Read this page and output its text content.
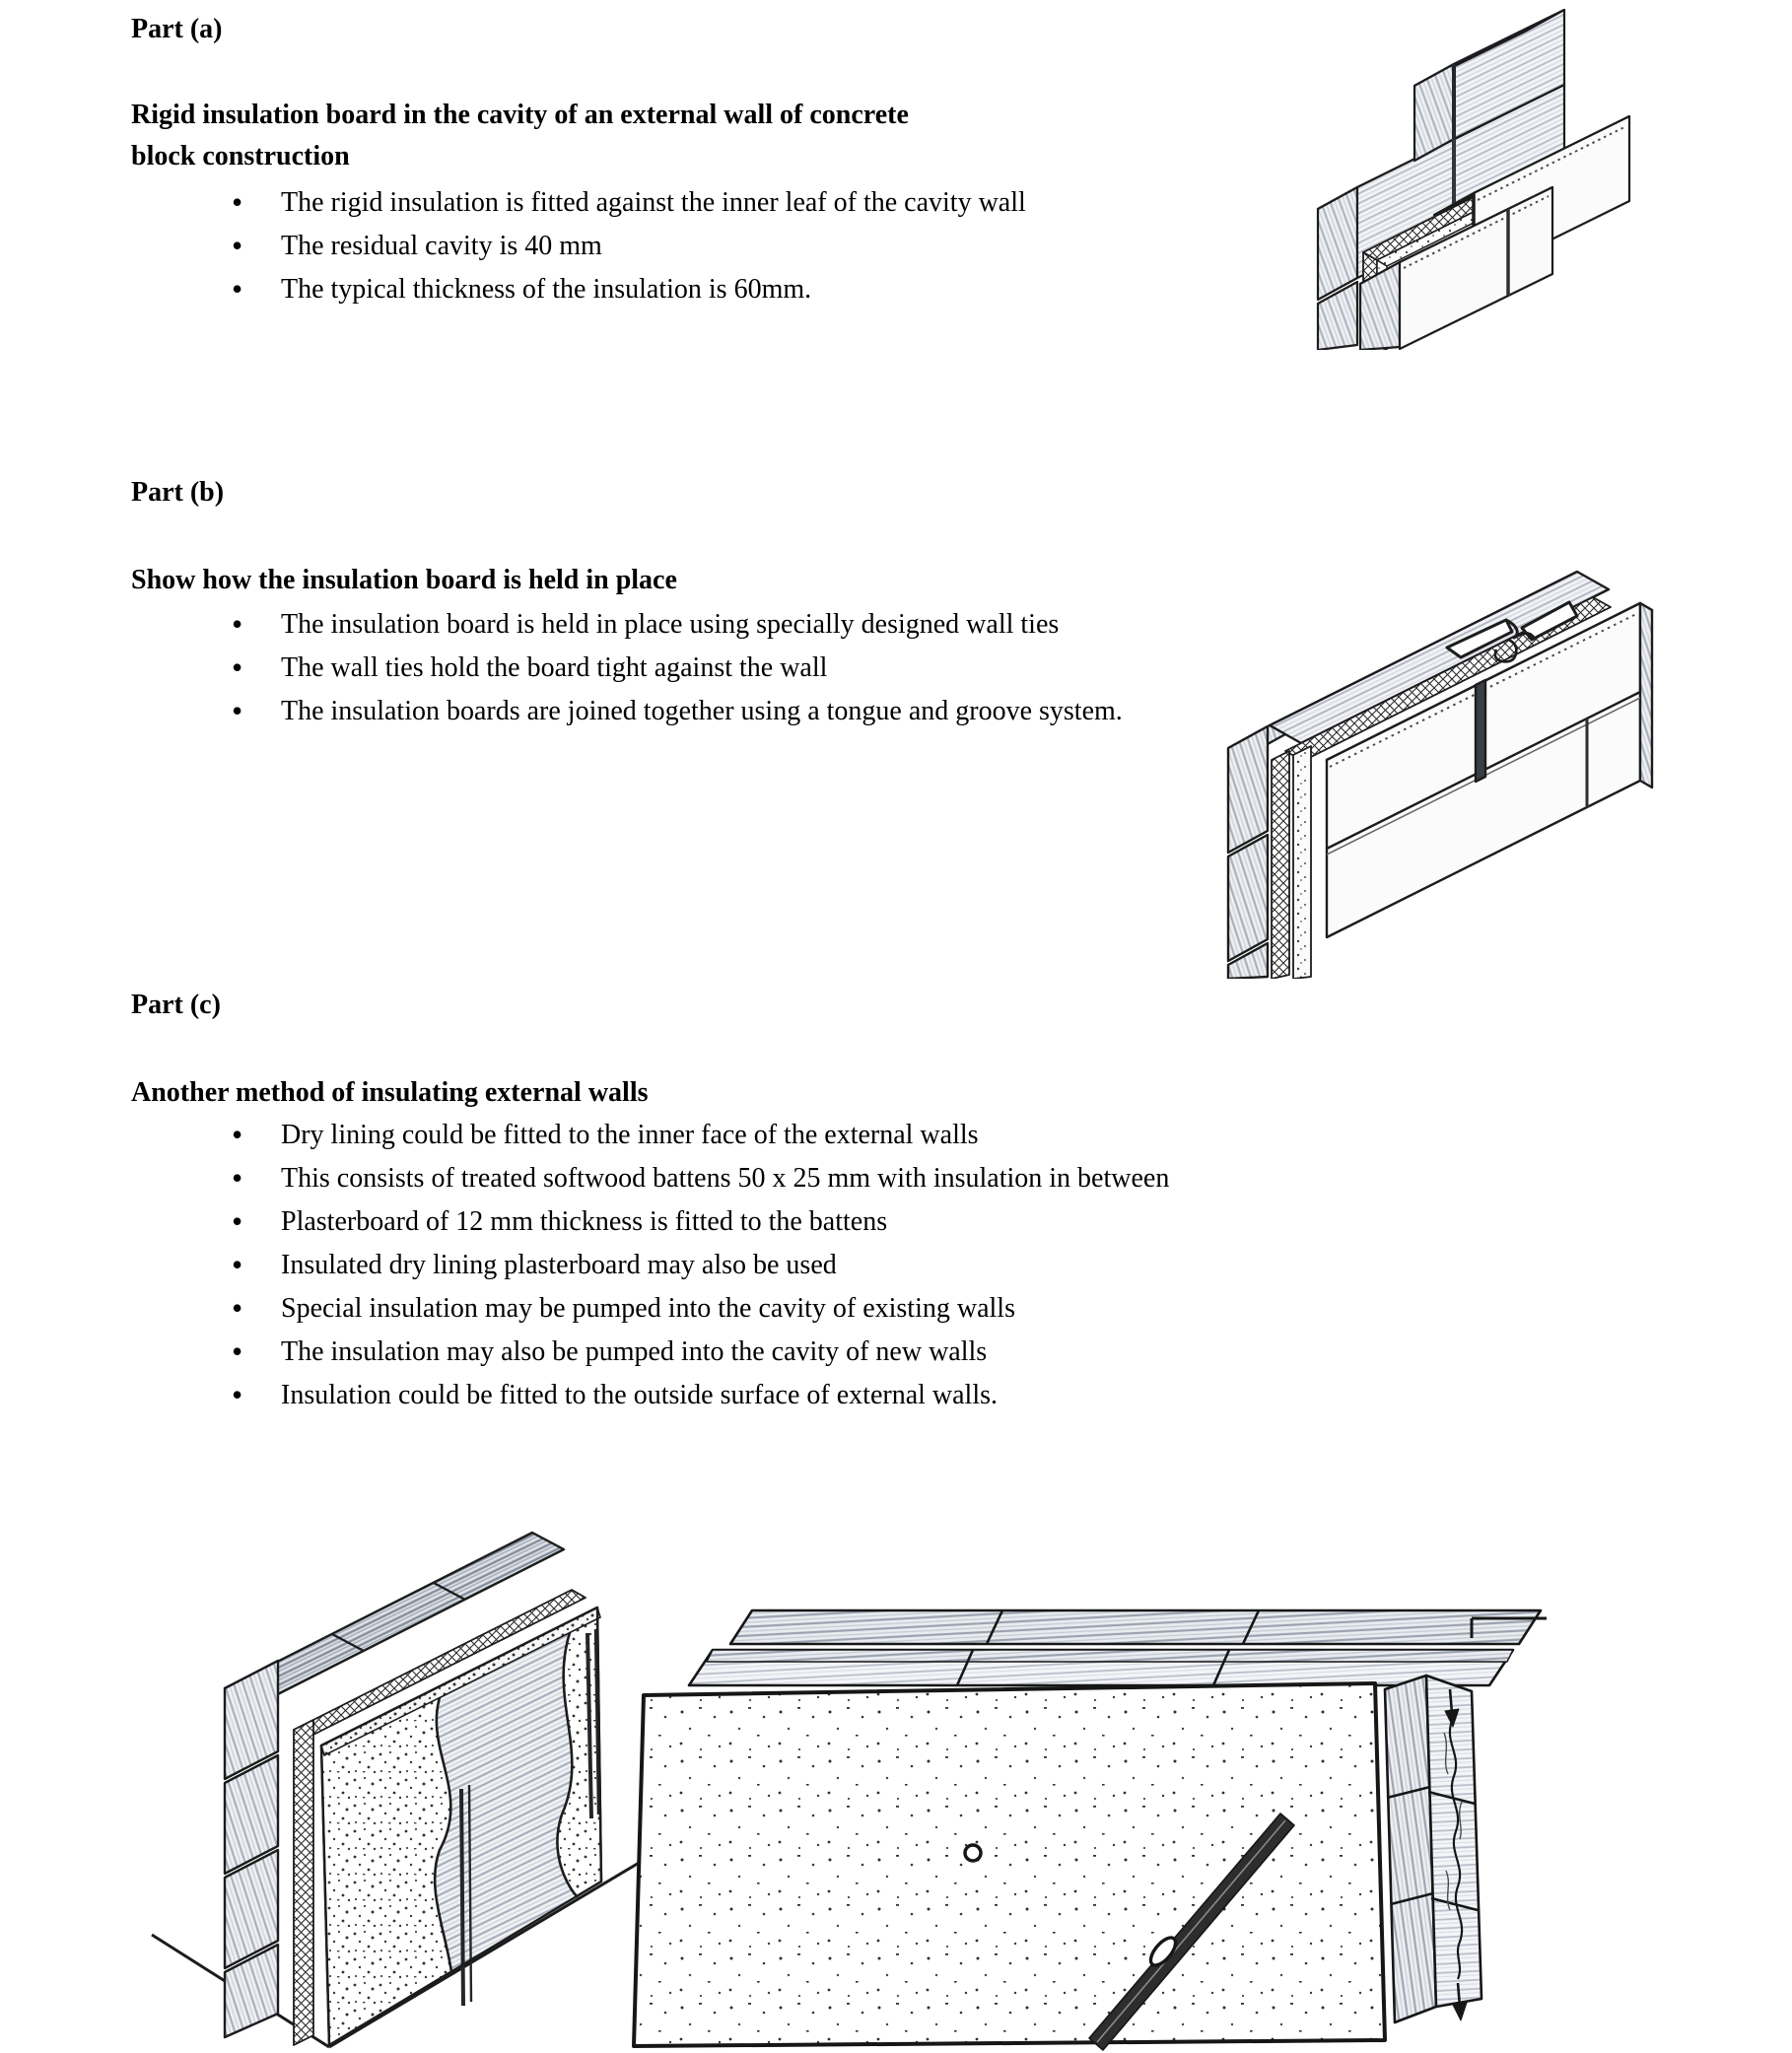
Part (a)
Rigid insulation board in the cavity of an external wall of concrete
block construction
• The rigid insulation is fitted against the inner leaf of the cavity wall
• The residual cavity is 40 mm
• The typical thickness of the insulation is 60mm.
Part (b)
Show how the insulation board is held in place
• The insulation board is held in place using specially designed wall ties
• The wall ties hold the board tight against the wall
• The insulation boards are joined together using a tongue and groove system.
Part (c)
Another method of insulating external walls
• Dry lining could be fitted to the inner face of the external walls
• This consists of treated softwood battens 50 x 25 mm with insulation in between
• Plasterboard of 12 mm thickness is fitted to the battens
• Insulated dry lining plasterboard may also be used
• Special insulation may be pumped into the cavity of existing walls
• The insulation may also be pumped into the cavity of new walls
• Insulation could be fitted to the outside surface of external walls.
